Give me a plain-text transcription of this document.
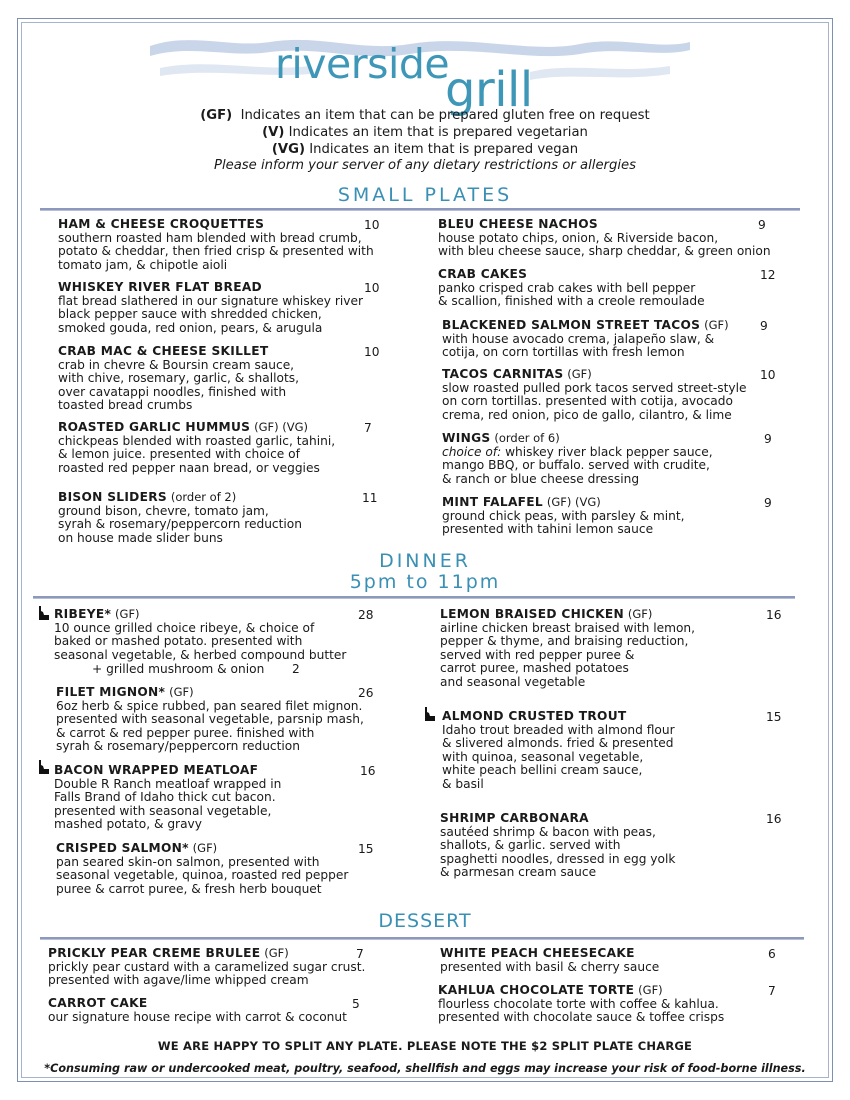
riverside
grill
(GF) Indicates an item that can be prepared gluten free on request
(V) Indicates an item that is prepared vegetarian
(VG) Indicates an item that is prepared vegan
Please inform your server of any dietary restrictions or allergies
SMALL PLATES
HAM & CHEESE CROQUETTES
southern roasted ham blended with bread crumb,
potato & cheddar, then fried crisp & presented with
tomato jam, & chipotle aioli
10
WHISKEY RIVER FLAT BREAD
flat bread slathered in our signature whiskey river
black pepper sauce with shredded chicken,
smoked gouda, red onion, pears, & arugula
10
CRAB MAC & CHEESE SKILLET
crab in chevre & Boursin cream sauce,
with chive, rosemary, garlic, & shallots,
over cavatappi noodles, finished with
toasted bread crumbs
10
ROASTED GARLIC HUMMUS (GF) (VG)
chickpeas blended with roasted garlic, tahini,
& lemon juice. presented with choice of
roasted red pepper naan bread, or veggies
7
BISON SLIDERS (order of 2)
ground bison, chevre, tomato jam,
syrah & rosemary/peppercorn reduction
on house made slider buns
11
BLEU CHEESE NACHOS
house potato chips, onion, & Riverside bacon,
with bleu cheese sauce, sharp cheddar, & green onion
9
CRAB CAKES
panko crisped crab cakes with bell pepper
& scallion, finished with a creole remoulade
12
BLACKENED SALMON STREET TACOS (GF)
with house avocado crema, jalapeño slaw, &
cotija, on corn tortillas with fresh lemon
9
TACOS CARNITAS (GF)
slow roasted pulled pork tacos served street-style
on corn tortillas. presented with cotija, avocado
crema, red onion, pico de gallo, cilantro, & lime
10
WINGS (order of 6)
choice of: whiskey river black pepper sauce,
mango BBQ, or buffalo. served with crudite,
& ranch or blue cheese dressing
9
MINT FALAFEL (GF) (VG)
ground chick peas, with parsley & mint,
presented with tahini lemon sauce
9
DINNER
5pm to 11pm
RIBEYE* (GF)
10 ounce grilled choice ribeye, & choice of
baked or mashed potato. presented with
seasonal vegetable, & herbed compound butter
28
+ grilled mushroom & onion 2
FILET MIGNON* (GF)
6oz herb & spice rubbed, pan seared filet mignon.
presented with seasonal vegetable, parsnip mash,
& carrot & red pepper puree. finished with
syrah & rosemary/peppercorn reduction
26
BACON WRAPPED MEATLOAF
Double R Ranch meatloaf wrapped in
Falls Brand of Idaho thick cut bacon.
presented with seasonal vegetable,
mashed potato, & gravy
16
CRISPED SALMON* (GF)
pan seared skin-on salmon, presented with
seasonal vegetable, quinoa, roasted red pepper
puree & carrot puree, & fresh herb bouquet
15
LEMON BRAISED CHICKEN (GF)
airline chicken breast braised with lemon,
pepper & thyme, and braising reduction,
served with red pepper puree &
carrot puree, mashed potatoes
and seasonal vegetable
16
ALMOND CRUSTED TROUT
Idaho trout breaded with almond flour
& slivered almonds. fried & presented
with quinoa, seasonal vegetable,
white peach bellini cream sauce,
& basil
15
SHRIMP CARBONARA
sautéed shrimp & bacon with peas,
shallots, & garlic. served with
spaghetti noodles, dressed in egg yolk
& parmesan cream sauce
16
DESSERT
PRICKLY PEAR CREME BRULEE (GF)
prickly pear custard with a caramelized sugar crust.
presented with agave/lime whipped cream
7
CARROT CAKE
our signature house recipe with carrot & coconut
5
WHITE PEACH CHEESECAKE
presented with basil & cherry sauce
6
KAHLUA CHOCOLATE TORTE (GF)
flourless chocolate torte with coffee & kahlua.
presented with chocolate sauce & toffee crisps
7
WE ARE HAPPY TO SPLIT ANY PLATE. PLEASE NOTE THE $2 SPLIT PLATE CHARGE
*Consuming raw or undercooked meat, poultry, seafood, shellfish and eggs may increase your risk of food-borne illness.
